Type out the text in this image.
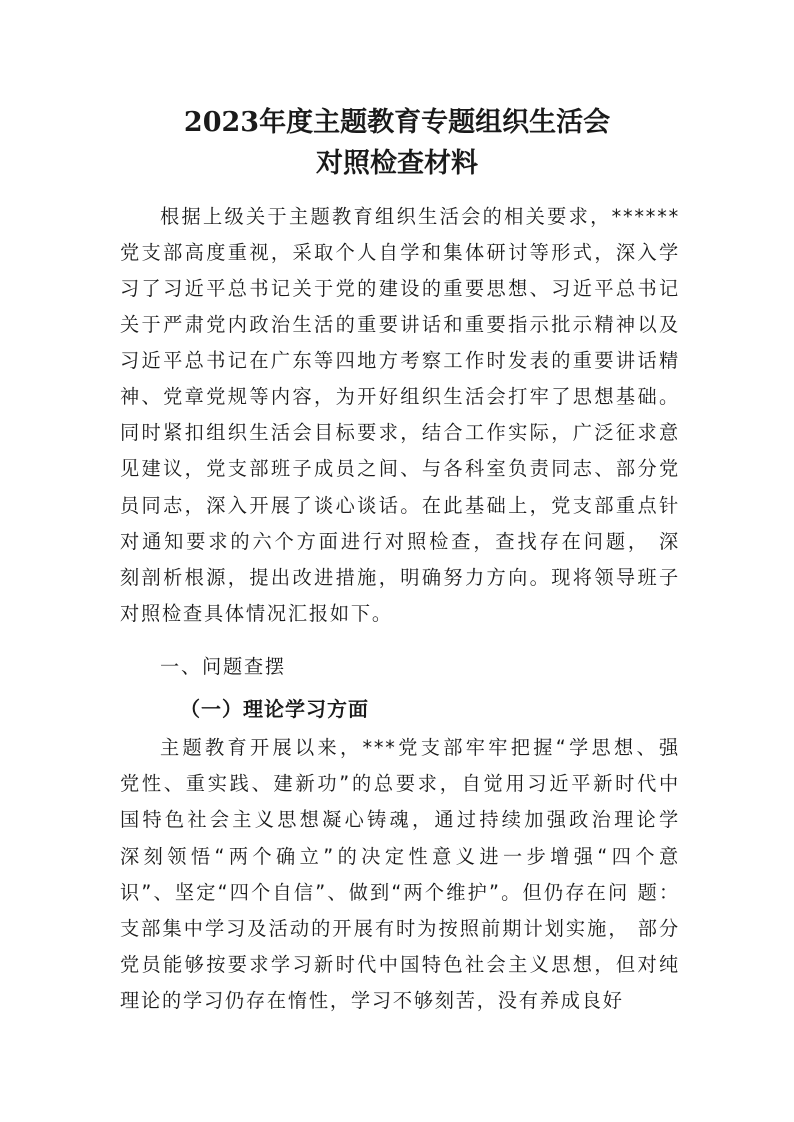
2023年度主题教育专题组织生活会
对照检查材料
根据上级关于主题教育组织生活会的相关要求，******
党支部高度重视，采取个人自学和集体研讨等形式，深入学
习了习近平总书记关于党的建设的重要思想、习近平总书记
关于严肃党内政治生活的重要讲话和重要指示批示精神以及
习近平总书记在广东等四地方考察工作时发表的重要讲话精
神、党章党规等内容，为开好组织生活会打牢了思想基础。
同时紧扣组织生活会目标要求，结合工作实际，广泛征求意
见建议，党支部班子成员之间、与各科室负责同志、部分党
员同志，深入开展了谈心谈话。在此基础上，党支部重点针
对通知要求的六个方面进行对照检查，查找存在问题， 深
刻剖析根源，提出改进措施，明确努力方向。现将领导班子
对照检查具体情况汇报如下。
一、问题查摆
（一）理论学习方面
主题教育开展以来，***党支部牢牢把握“学思想、强
党性、重实践、建新功”的总要求，自觉用习近平新时代中
国特色社会主义思想凝心铸魂，通过持续加强政治理论学
深刻领悟“两个确立”的决定性意义进一步增强“四个意
识”、坚定“四个自信”、做到“两个维护”。但仍存在问 题：
支部集中学习及活动的开展有时为按照前期计划实施， 部分
党员能够按要求学习新时代中国特色社会主义思想，但对纯
理论的学习仍存在惰性，学习不够刻苦，没有养成良好
